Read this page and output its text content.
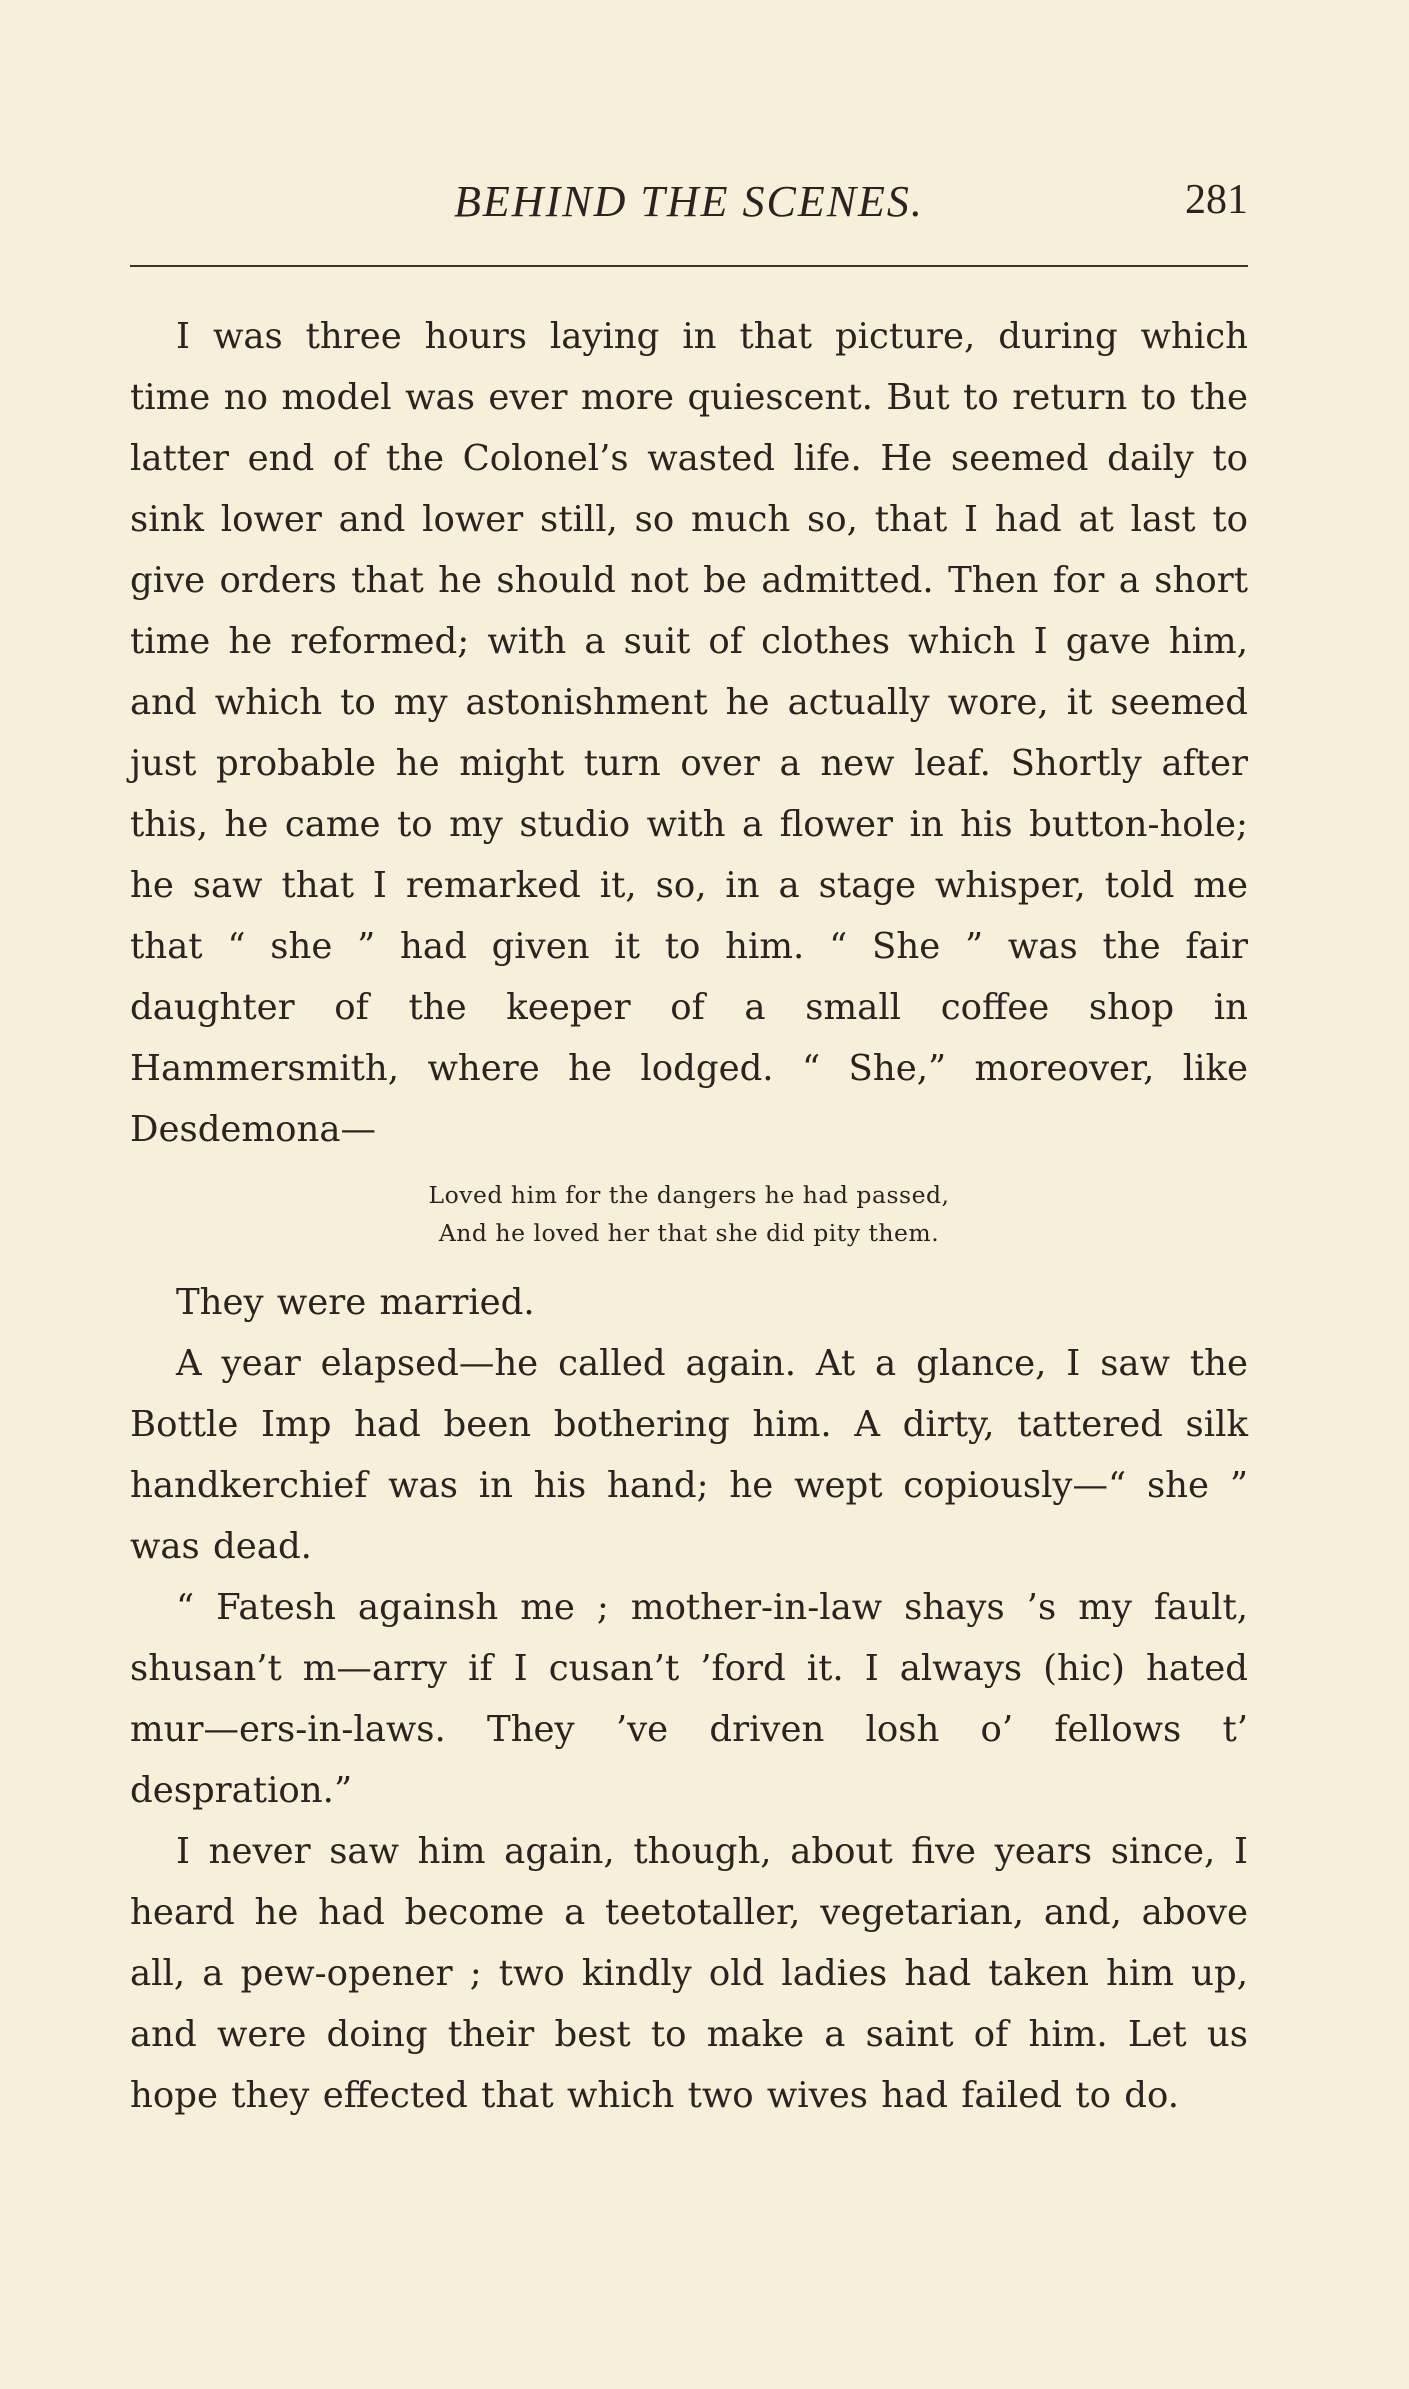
BEHIND THE SCENES.	281

I was three hours laying in that picture, during which time no model was ever more quiescent. But to return to the latter end of the Colonel’s wasted life. He seemed daily to sink lower and lower still, so much so, that I had at last to give orders that he should not be admitted. Then for a short time he reformed; with a suit of clothes which I gave him, and which to my astonishment he actually wore, it seemed just probable he might turn over a new leaf. Shortly after this, he came to my studio with a flower in his button-hole; he saw that I remarked it, so, in a stage whisper, told me that “ she ” had given it to him. “ She ” was the fair daughter of the keeper of a small coffee shop in Hammersmith, where he lodged. “ She,” moreover, like Desdemona—

Loved him for the dangers he had passed,
And he loved her that she did pity them.

They were married.

A year elapsed—he called again. At a glance, I saw the Bottle Imp had been bothering him. A dirty, tattered silk handkerchief was in his hand; he wept copiously—“ she ” was dead.

“ Fatesh againsh me ; mother-in-law shays ’s my fault, shusan’t m—arry if I cusan’t ’ford it. I always (hic) hated mur—ers-in-laws. They ’ve driven losh o’ fellows t’ despration.”

I never saw him again, though, about five years since, I heard he had become a teetotaller, vegetarian, and, above all, a pew-opener ; two kindly old ladies had taken him up, and were doing their best to make a saint of him. Let us hope they effected that which two wives had failed to do.
